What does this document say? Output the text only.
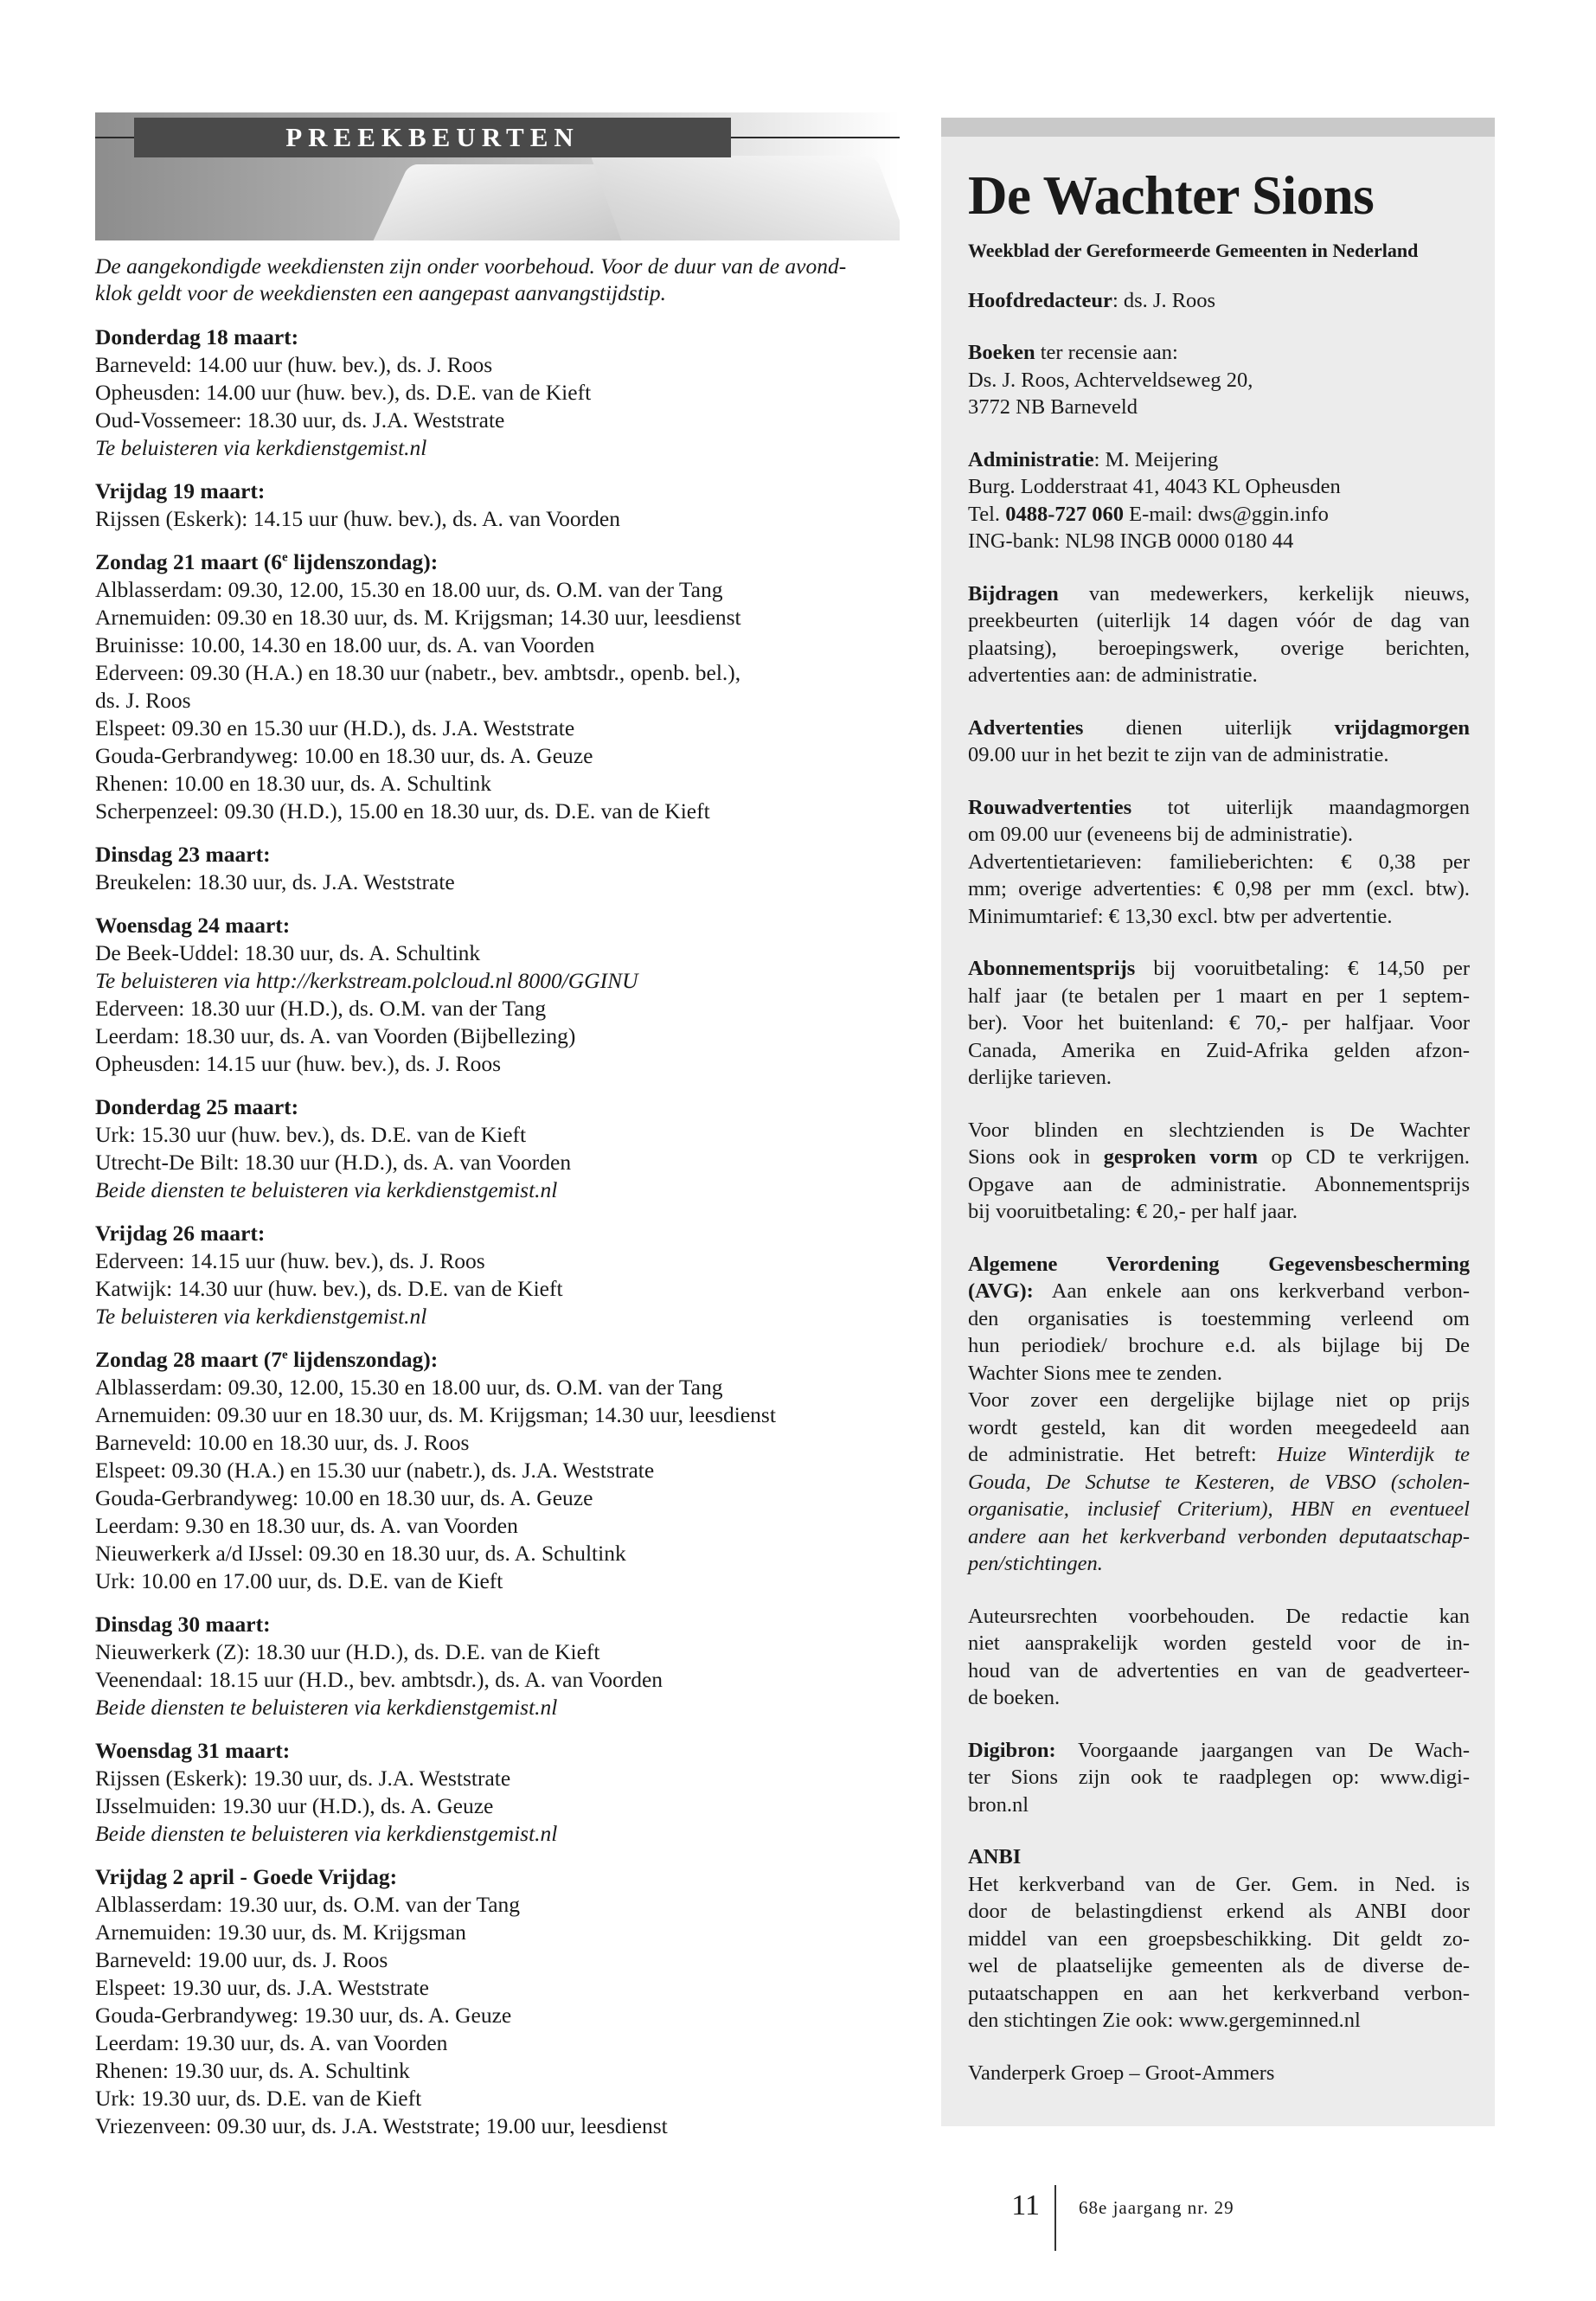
PREEKBEURTEN

De aangekondigde weekdiensten zijn onder voorbehoud. Voor de duur van de avond-
klok geldt voor de weekdiensten een aangepast aanvangstijdstip.

Donderdag 18 maart:
Barneveld: 14.00 uur (huw. bev.), ds. J. Roos
Opheusden: 14.00 uur (huw. bev.), ds. D.E. van de Kieft
Oud-Vossemeer: 18.30 uur, ds. J.A. Weststrate
Te beluisteren via kerkdienstgemist.nl
Vrijdag 19 maart:
Rijssen (Eskerk): 14.15 uur (huw. bev.), ds. A. van Voorden
Zondag 21 maart (6e lijdenszondag):
Alblasserdam: 09.30, 12.00, 15.30 en 18.00 uur, ds. O.M. van der Tang
Arnemuiden: 09.30 en 18.30 uur, ds. M. Krijgsman; 14.30 uur, leesdienst
Bruinisse: 10.00, 14.30 en 18.00 uur, ds. A. van Voorden
Ederveen: 09.30 (H.A.) en 18.30 uur (nabetr., bev. ambtsdr., openb. bel.),
ds. J. Roos
Elspeet: 09.30 en 15.30 uur (H.D.), ds. J.A. Weststrate
Gouda-Gerbrandyweg: 10.00 en 18.30 uur, ds. A. Geuze
Rhenen: 10.00 en 18.30 uur, ds. A. Schultink
Scherpenzeel: 09.30 (H.D.), 15.00 en 18.30 uur, ds. D.E. van de Kieft
Dinsdag 23 maart:
Breukelen: 18.30 uur, ds. J.A. Weststrate
Woensdag 24 maart:
De Beek-Uddel: 18.30 uur, ds. A. Schultink
Te beluisteren via http://kerkstream.polcloud.nl 8000/GGINU
Ederveen: 18.30 uur (H.D.), ds. O.M. van der Tang
Leerdam: 18.30 uur, ds. A. van Voorden (Bijbellezing)
Opheusden: 14.15 uur (huw. bev.), ds. J. Roos
Donderdag 25 maart:
Urk: 15.30 uur (huw. bev.), ds. D.E. van de Kieft
Utrecht-De Bilt: 18.30 uur (H.D.), ds. A. van Voorden
Beide diensten te beluisteren via kerkdienstgemist.nl
Vrijdag 26 maart:
Ederveen: 14.15 uur (huw. bev.), ds. J. Roos
Katwijk: 14.30 uur (huw. bev.), ds. D.E. van de Kieft
Te beluisteren via kerkdienstgemist.nl
Zondag 28 maart (7e lijdenszondag):
Alblasserdam: 09.30, 12.00, 15.30 en 18.00 uur, ds. O.M. van der Tang
Arnemuiden: 09.30 uur en 18.30 uur, ds. M. Krijgsman; 14.30 uur, leesdienst
Barneveld: 10.00 en 18.30 uur, ds. J. Roos
Elspeet: 09.30 (H.A.) en 15.30 uur (nabetr.), ds. J.A. Weststrate
Gouda-Gerbrandyweg: 10.00 en 18.30 uur, ds. A. Geuze
Leerdam: 9.30 en 18.30 uur, ds. A. van Voorden
Nieuwerkerk a/d IJssel: 09.30 en 18.30 uur, ds. A. Schultink
Urk: 10.00 en 17.00 uur, ds. D.E. van de Kieft
Dinsdag 30 maart:
Nieuwerkerk (Z): 18.30 uur (H.D.), ds. D.E. van de Kieft
Veenendaal: 18.15 uur (H.D., bev. ambtsdr.), ds. A. van Voorden
Beide diensten te beluisteren via kerkdienstgemist.nl
Woensdag 31 maart:
Rijssen (Eskerk): 19.30 uur, ds. J.A. Weststrate
IJsselmuiden: 19.30 uur (H.D.), ds. A. Geuze
Beide diensten te beluisteren via kerkdienstgemist.nl
Vrijdag 2 april - Goede Vrijdag:
Alblasserdam: 19.30 uur, ds. O.M. van der Tang
Arnemuiden: 19.30 uur, ds. M. Krijgsman
Barneveld: 19.00 uur, ds. J. Roos
Elspeet: 19.30 uur, ds. J.A. Weststrate
Gouda-Gerbrandyweg: 19.30 uur, ds. A. Geuze
Leerdam: 19.30 uur, ds. A. van Voorden
Rhenen: 19.30 uur, ds. A. Schultink
Urk: 19.30 uur, ds. D.E. van de Kieft
Vriezenveen: 09.30 uur, ds. J.A. Weststrate; 19.00 uur, leesdienst
De Wachter Sions
Weekblad der Gereformeerde Gemeenten in Nederland
Hoofdredacteur: ds. J. Roos
Boeken ter recensie aan:
Ds. J. Roos, Achterveldseweg 20,
3772 NB Barneveld
Administratie: M. Meijering
Burg. Lodderstraat 41, 4043 KL Opheusden
Tel. 0488-727 060 E-mail: dws@ggin.info
ING-bank: NL98 INGB 0000 0180 44
Bijdragen van medewerkers, kerkelijk nieuws,
preekbeurten (uiterlijk 14 dagen vóór de dag van
plaatsing), beroepingswerk, overige berichten,
advertenties aan: de administratie.
Advertenties dienen uiterlijk vrijdagmorgen
09.00 uur in het bezit te zijn van de administratie.
Rouwadvertenties tot uiterlijk maandagmorgen
om 09.00 uur (eveneens bij de administratie).
Advertentietarieven: familieberichten: € 0,38 per
mm; overige advertenties: € 0,98 per mm (excl. btw).
Minimumtarief: € 13,30 excl. btw per advertentie.
Abonnementsprijs bij vooruitbetaling: € 14,50 per
half jaar (te betalen per 1 maart en per 1 septem-
ber). Voor het buitenland: € 70,- per halfjaar. Voor
Canada, Amerika en Zuid-Afrika gelden afzon-
derlijke tarieven.
Voor blinden en slechtzienden is De Wachter
Sions ook in gesproken vorm op CD te verkrijgen.
Opgave aan de administratie. Abonnementsprijs
bij vooruitbetaling: € 20,- per half jaar.
Algemene Verordening Gegevensbescherming
(AVG): Aan enkele aan ons kerkverband verbon-
den organisaties is toestemming verleend om
hun periodiek/ brochure e.d. als bijlage bij De
Wachter Sions mee te zenden.
Voor zover een dergelijke bijlage niet op prijs
wordt gesteld, kan dit worden meegedeeld aan
de administratie. Het betreft: Huize Winterdijk te
Gouda, De Schutse te Kesteren, de VBSO (scholen-
organisatie, inclusief Criterium), HBN en eventueel
andere aan het kerkverband verbonden deputaatschap-
pen/stichtingen.
Auteursrechten voorbehouden. De redactie kan
niet aansprakelijk worden gesteld voor de in-
houd van de advertenties en van de geadverteer-
de boeken.
Digibron: Voorgaande jaargangen van De Wach-
ter Sions zijn ook te raadplegen op: www.digi-
bron.nl
ANBI
Het kerkverband van de Ger. Gem. in Ned. is
door de belastingdienst erkend als ANBI door
middel van een groepsbeschikking. Dit geldt zo-
wel de plaatselijke gemeenten als de diverse de-
putaatschappen en aan het kerkverband verbon-
den stichtingen Zie ook: www.gergeminned.nl
Vanderperk Groep – Groot-Ammers
11 68e jaargang nr. 29
